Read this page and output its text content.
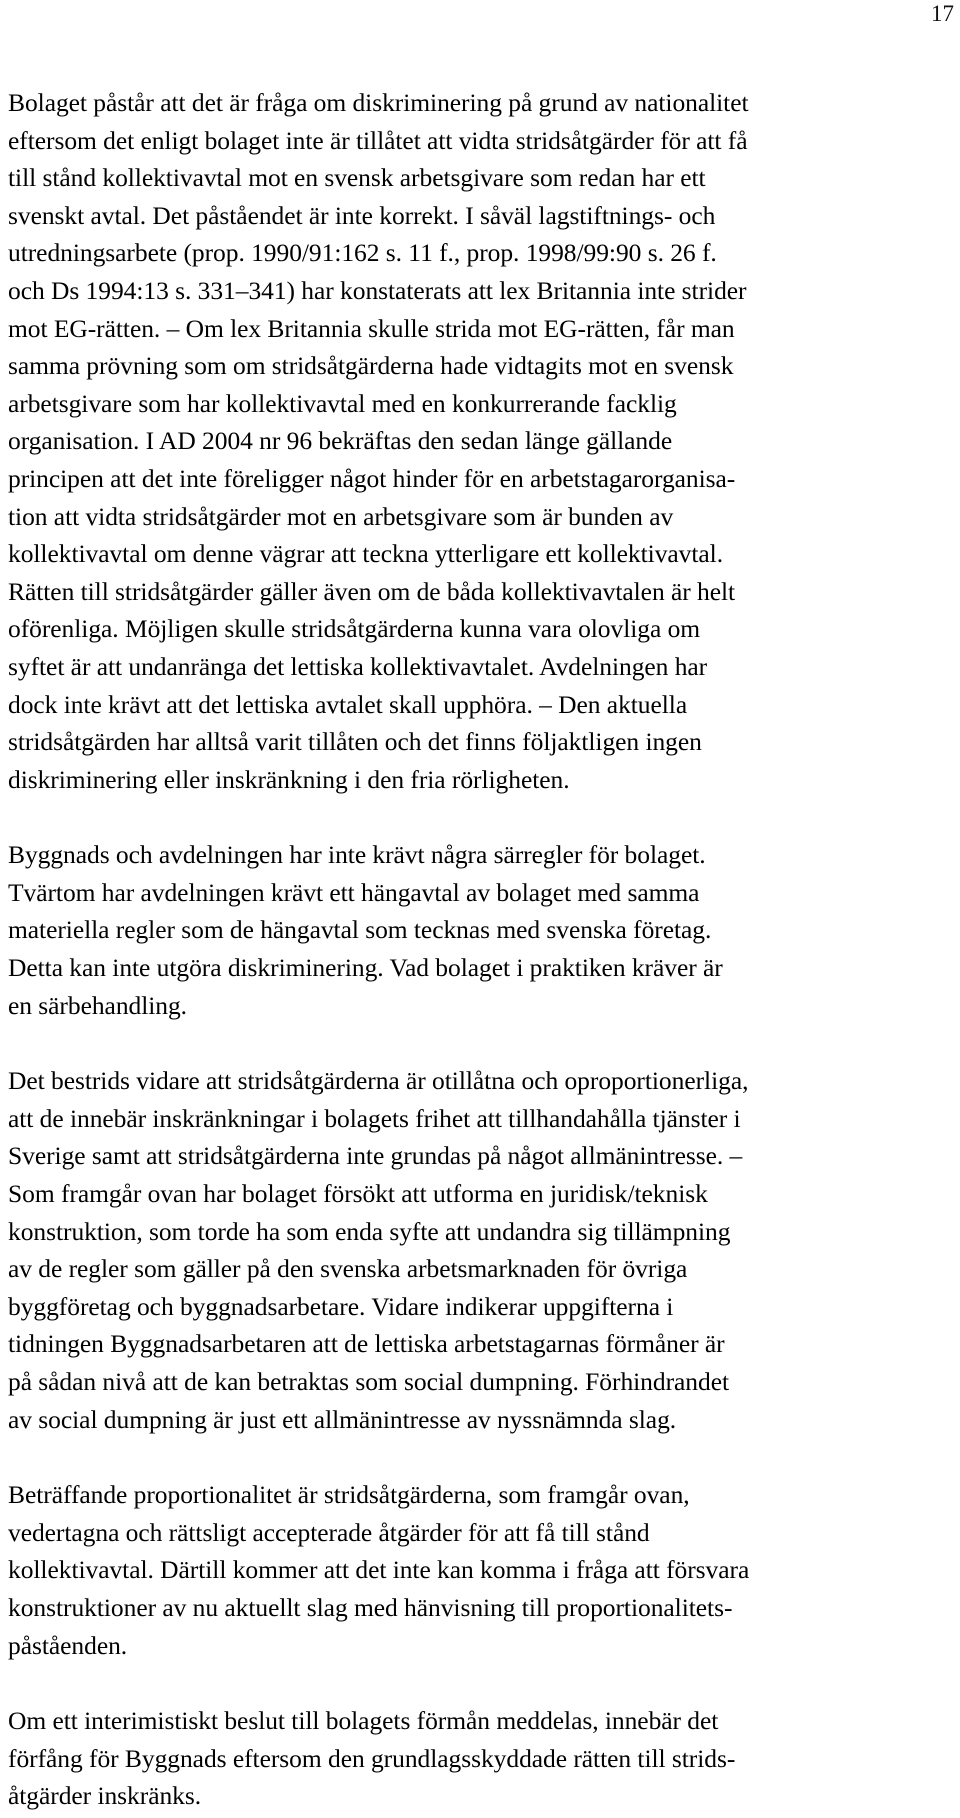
17
Bolaget påstår att det är fråga om diskriminering på grund av nationalitet
eftersom det enligt bolaget inte är tillåtet att vidta stridsåtgärder för att få
till stånd kollektivavtal mot en svensk arbetsgivare som redan har ett
svenskt avtal. Det påståendet är inte korrekt. I såväl lagstiftnings- och
utredningsarbete (prop. 1990/91:162 s. 11 f., prop. 1998/99:90 s. 26 f.
och Ds 1994:13 s. 331–341) har konstaterats att lex Britannia inte strider
mot EG-rätten. – Om lex Britannia skulle strida mot EG-rätten, får man
samma prövning som om stridsåtgärderna hade vidtagits mot en svensk
arbetsgivare som har kollektivavtal med en konkurrerande facklig
organisation. I AD 2004 nr 96 bekräftas den sedan länge gällande
principen att det inte föreligger något hinder för en arbetstagarorganisa-
tion att vidta stridsåtgärder mot en arbetsgivare som är bunden av
kollektivavtal om denne vägrar att teckna ytterligare ett kollektivavtal.
Rätten till stridsåtgärder gäller även om de båda kollektivavtalen är helt
oförenliga. Möjligen skulle stridsåtgärderna kunna vara olovliga om
syftet är att undanränga det lettiska kollektivavtalet. Avdelningen har
dock inte krävt att det lettiska avtalet skall upphöra. – Den aktuella
stridsåtgärden har alltså varit tillåten och det finns följaktligen ingen
diskriminering eller inskränkning i den fria rörligheten.
Byggnads och avdelningen har inte krävt några särregler för bolaget.
Tvärtom har avdelningen krävt ett hängavtal av bolaget med samma
materiella regler som de hängavtal som tecknas med svenska företag.
Detta kan inte utgöra diskriminering. Vad bolaget i praktiken kräver är
en särbehandling.
Det bestrids vidare att stridsåtgärderna är otillåtna och oproportionerliga,
att de innebär inskränkningar i bolagets frihet att tillhandahålla tjänster i
Sverige samt att stridsåtgärderna inte grundas på något allmänintresse. –
Som framgår ovan har bolaget försökt att utforma en juridisk/teknisk
konstruktion, som torde ha som enda syfte att undandra sig tillämpning
av de regler som gäller på den svenska arbetsmarknaden för övriga
byggföretag och byggnadsarbetare. Vidare indikerar uppgifterna i
tidningen Byggnadsarbetaren att de lettiska arbetstagarnas förmåner är
på sådan nivå att de kan betraktas som social dumpning. Förhindrandet
av social dumpning är just ett allmänintresse av nyssnämnda slag.
Beträffande proportionalitet är stridsåtgärderna, som framgår ovan,
vedertagna och rättsligt accepterade åtgärder för att få till stånd
kollektivavtal. Därtill kommer att det inte kan komma i fråga att försvara
konstruktioner av nu aktuellt slag med hänvisning till proportionalitets-
påståenden.
Om ett interimistiskt beslut till bolagets förmån meddelas, innebär det
förfång för Byggnads eftersom den grundlagsskyddade rätten till strids-
åtgärder inskränks.
